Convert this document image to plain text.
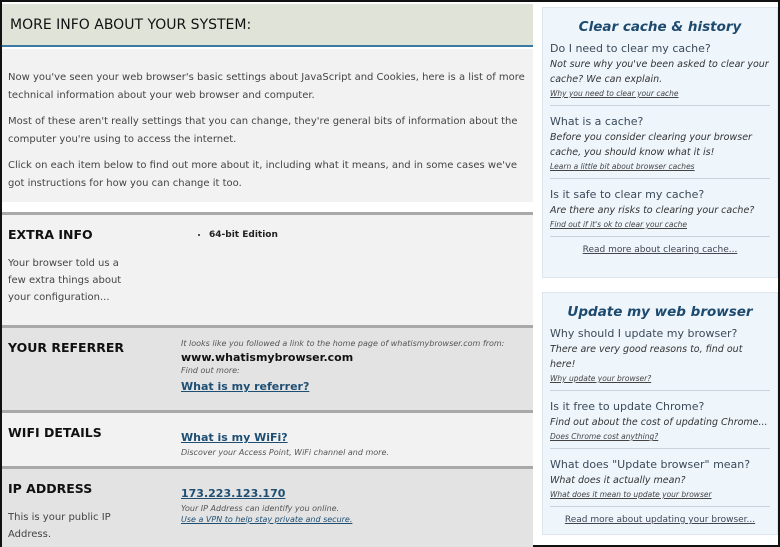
MORE INFO ABOUT YOUR SYSTEM:

Now you've seen your web browser's basic settings about JavaScript and Cookies, here is a list of more technical information about your web browser and computer.

Most of these aren't really settings that you can change, they're general bits of information about the computer you're using to access the internet.

Click on each item below to find out more about it, including what it means, and in some cases we've got instructions for how you can change it too.

EXTRA INFO
Your browser told us a few extra things about your configuration...
• 64-bit Edition
YOUR REFERRER	It looks like you followed a link to the home page of whatismybrowser.com from:
www.whatismybrowser.com
Find out more:
What is my referrer?
WIFI DETAILS	What is my WiFi?
Discover your Access Point, WiFi channel and more.
IP ADDRESS
This is your public IP Address.
173.223.123.170
Your IP Address can identify you online.
Use a VPN to help stay private and secure.
Clear cache & history
Do I need to clear my cache?
Not sure why you've been asked to clear your cache? We can explain.
Why you need to clear your cache
What is a cache?
Before you consider clearing your browser cache, you should know what it is!
Learn a little bit about browser caches
Is it safe to clear my cache?
Are there any risks to clearing your cache?
Find out if it's ok to clear your cache
Read more about clearing cache...
Update my web browser
Why should I update my browser?
There are very good reasons to, find out here!
Why update your browser?
Is it free to update Chrome?
Find out about the cost of updating Chrome...
Does Chrome cost anything?
What does "Update browser" mean?
What does it actually mean?
What does it mean to update your browser
Read more about updating your browser...
